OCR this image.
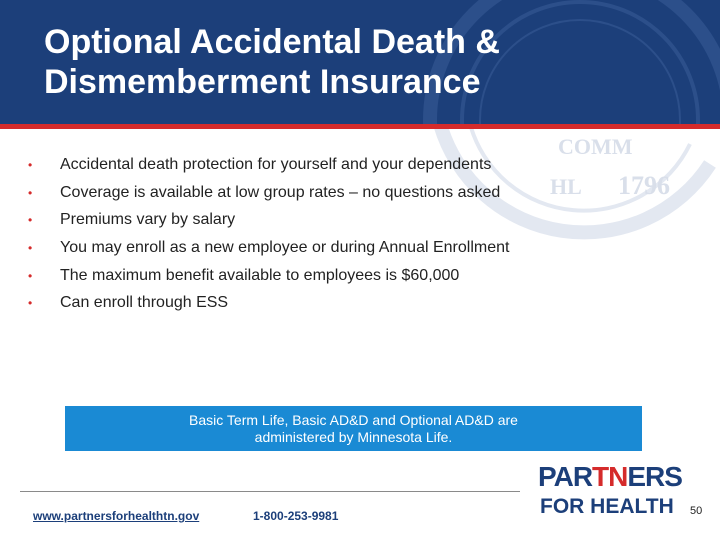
Optional Accidental Death &
Dismemberment Insurance
COMM
1796
HL
•	Accidental death protection for yourself and your dependents
•	Coverage is available at low group rates – no questions asked
•	Premiums vary by salary
•	You may enroll as a new employee or during Annual Enrollment
•	The maximum benefit available to employees is $60,000
•	Can enroll through ESS
Basic Term Life, Basic AD&D and Optional AD&D are
administered by Minnesota Life.
www.partnersforhealthtn.gov	1-800-253-9981
PARTNERS
FOR HEALTH 50
